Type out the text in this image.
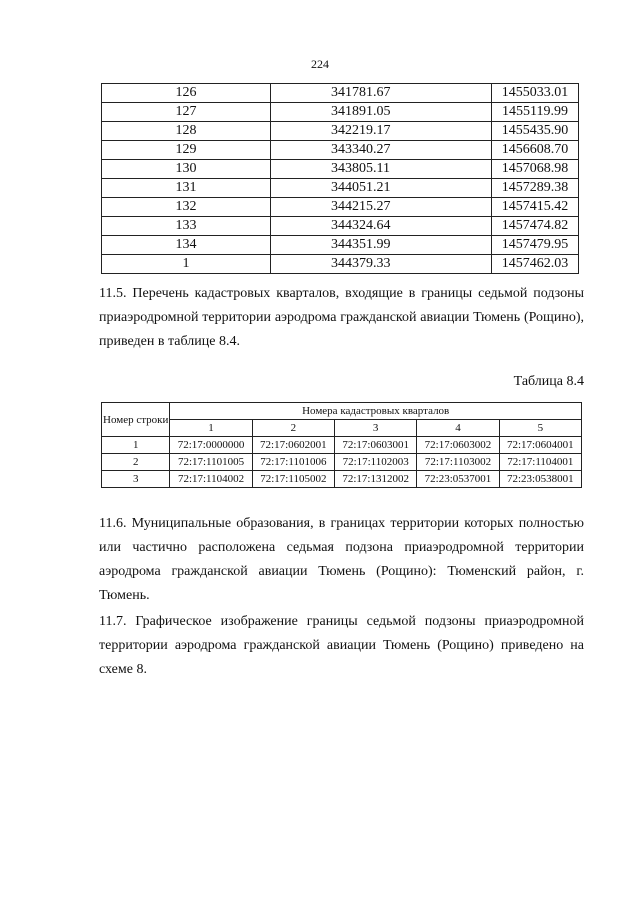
224
126	341781.67	1455033.01
127	341891.05	1455119.99
128	342219.17	1455435.90
129	343340.27	1456608.70
130	343805.11	1457068.98
131	344051.21	1457289.38
132	344215.27	1457415.42
133	344324.64	1457474.82
134	344351.99	1457479.95
1	344379.33	1457462.03

11.5. Перечень кадастровых кварталов, входящие в границы седьмой подзоны приаэродромной территории аэродрома гражданской авиации Тюмень (Рощино), приведен в таблице 8.4.

Таблица 8.4
Номер строки	Номера кадастровых кварталов				
	1	2	3	4	5
1	72:17:0000000	72:17:0602001	72:17:0603001	72:17:0603002	72:17:0604001
2	72:17:1101005	72:17:1101006	72:17:1102003	72:17:1103002	72:17:1104001
3	72:17:1104002	72:17:1105002	72:17:1312002	72:23:0537001	72:23:0538001

11.6. Муниципальные образования, в границах территории которых полностью или частично расположена седьмая подзона приаэродромной территории аэродрома гражданской авиации Тюмень (Рощино): Тюменский район, г. Тюмень.

11.7. Графическое изображение границы седьмой подзоны приаэродромной территории аэродрома гражданской авиации Тюмень (Рощино) приведено на схеме 8.
